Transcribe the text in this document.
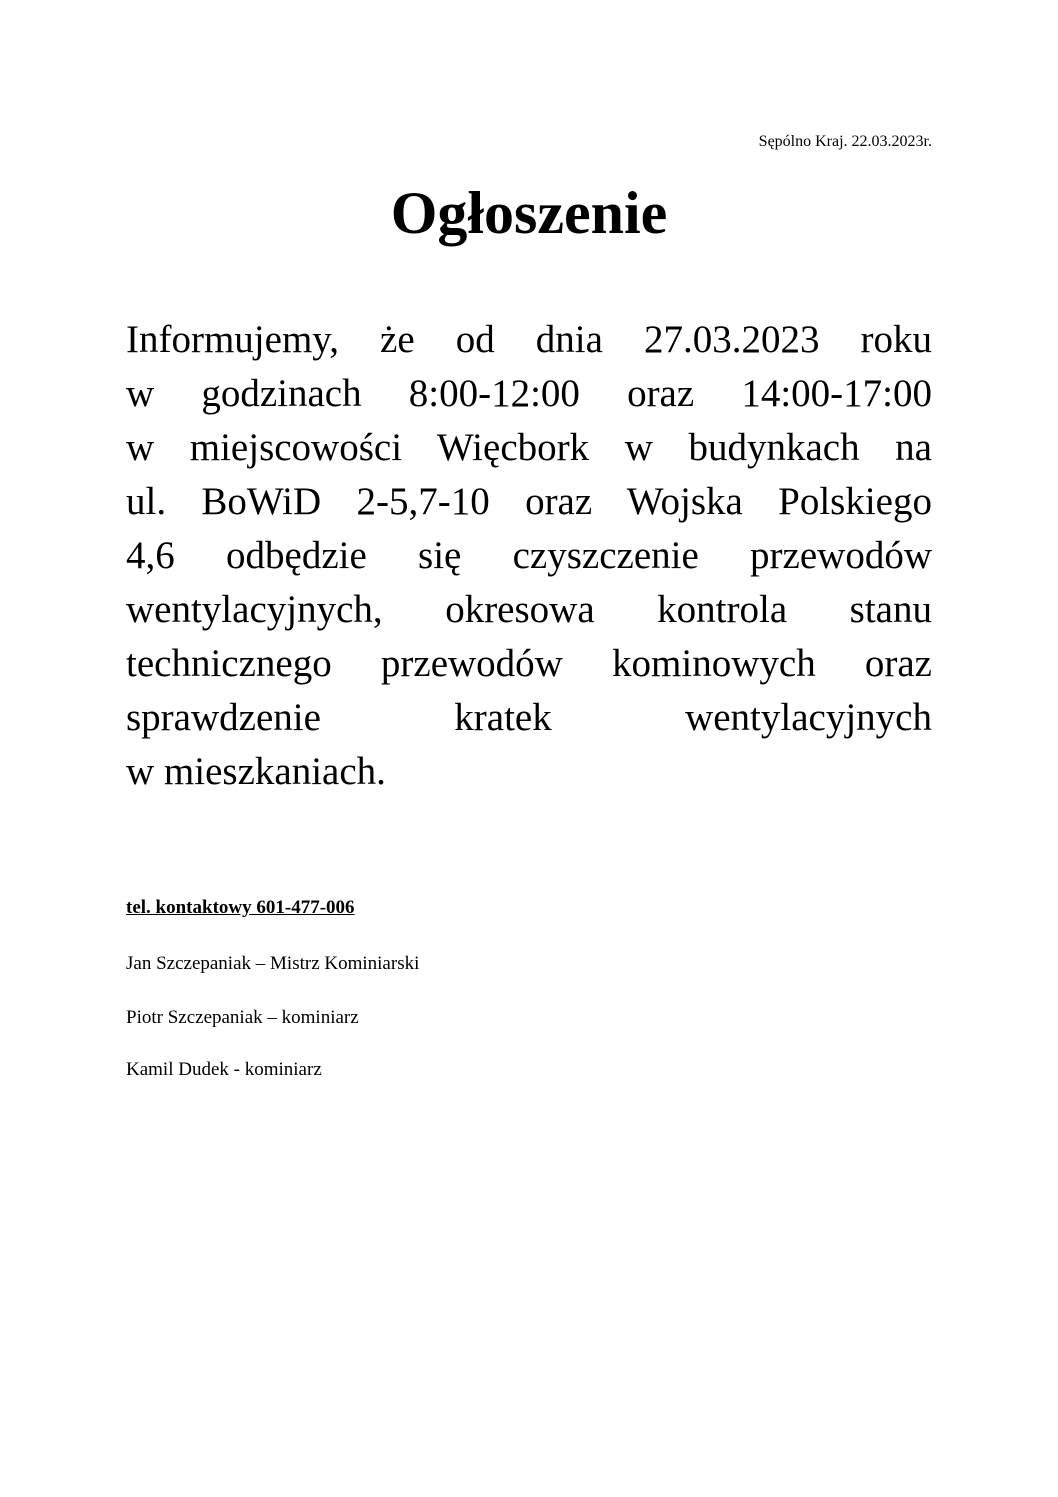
Sępólno Kraj. 22.03.2023r.
Ogłoszenie
Informujemy, że od dnia 27.03.2023 roku
w godzinach 8:00-12:00 oraz 14:00-17:00
w miejscowości Więcbork w budynkach na
ul. BoWiD 2-5,7-10 oraz Wojska Polskiego
4,6 odbędzie się czyszczenie przewodów
wentylacyjnych, okresowa kontrola stanu
technicznego przewodów kominowych oraz
sprawdzenie kratek wentylacyjnych
w mieszkaniach.
tel. kontaktowy 601-477-006
Jan Szczepaniak – Mistrz Kominiarski
Piotr Szczepaniak – kominiarz
Kamil Dudek - kominiarz
